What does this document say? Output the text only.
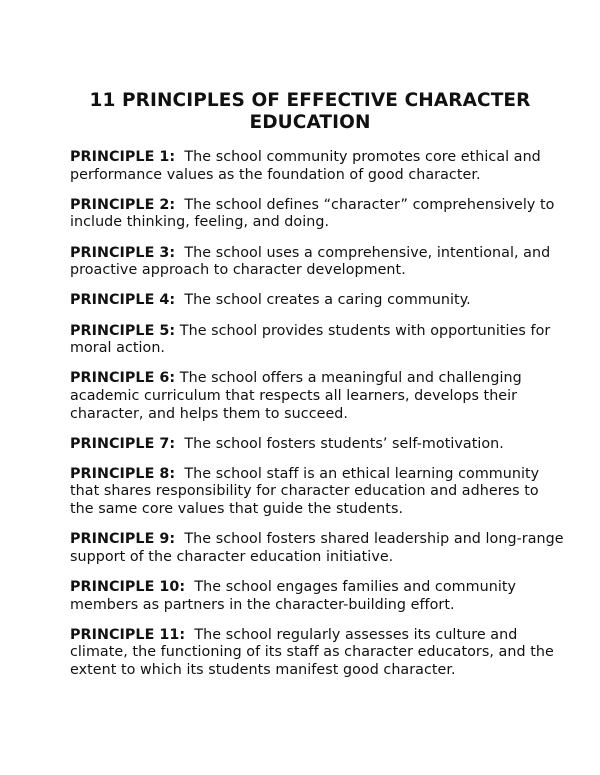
11 PRINCIPLES OF EFFECTIVE CHARACTER EDUCATION
PRINCIPLE 1: The school community promotes core ethical and performance values as the foundation of good character.
PRINCIPLE 2: The school defines “character” comprehensively to include thinking, feeling, and doing.
PRINCIPLE 3: The school uses a comprehensive, intentional, and proactive approach to character development.
PRINCIPLE 4: The school creates a caring community.
PRINCIPLE 5: The school provides students with opportunities for moral action.
PRINCIPLE 6: The school offers a meaningful and challenging academic curriculum that respects all learners, develops their character, and helps them to succeed.
PRINCIPLE 7: The school fosters students’ self-motivation.
PRINCIPLE 8: The school staff is an ethical learning community that shares responsibility for character education and adheres to the same core values that guide the students.
PRINCIPLE 9: The school fosters shared leadership and long-range support of the character education initiative.
PRINCIPLE 10: The school engages families and community members as partners in the character-building effort.
PRINCIPLE 11: The school regularly assesses its culture and climate, the functioning of its staff as character educators, and the extent to which its students manifest good character.
